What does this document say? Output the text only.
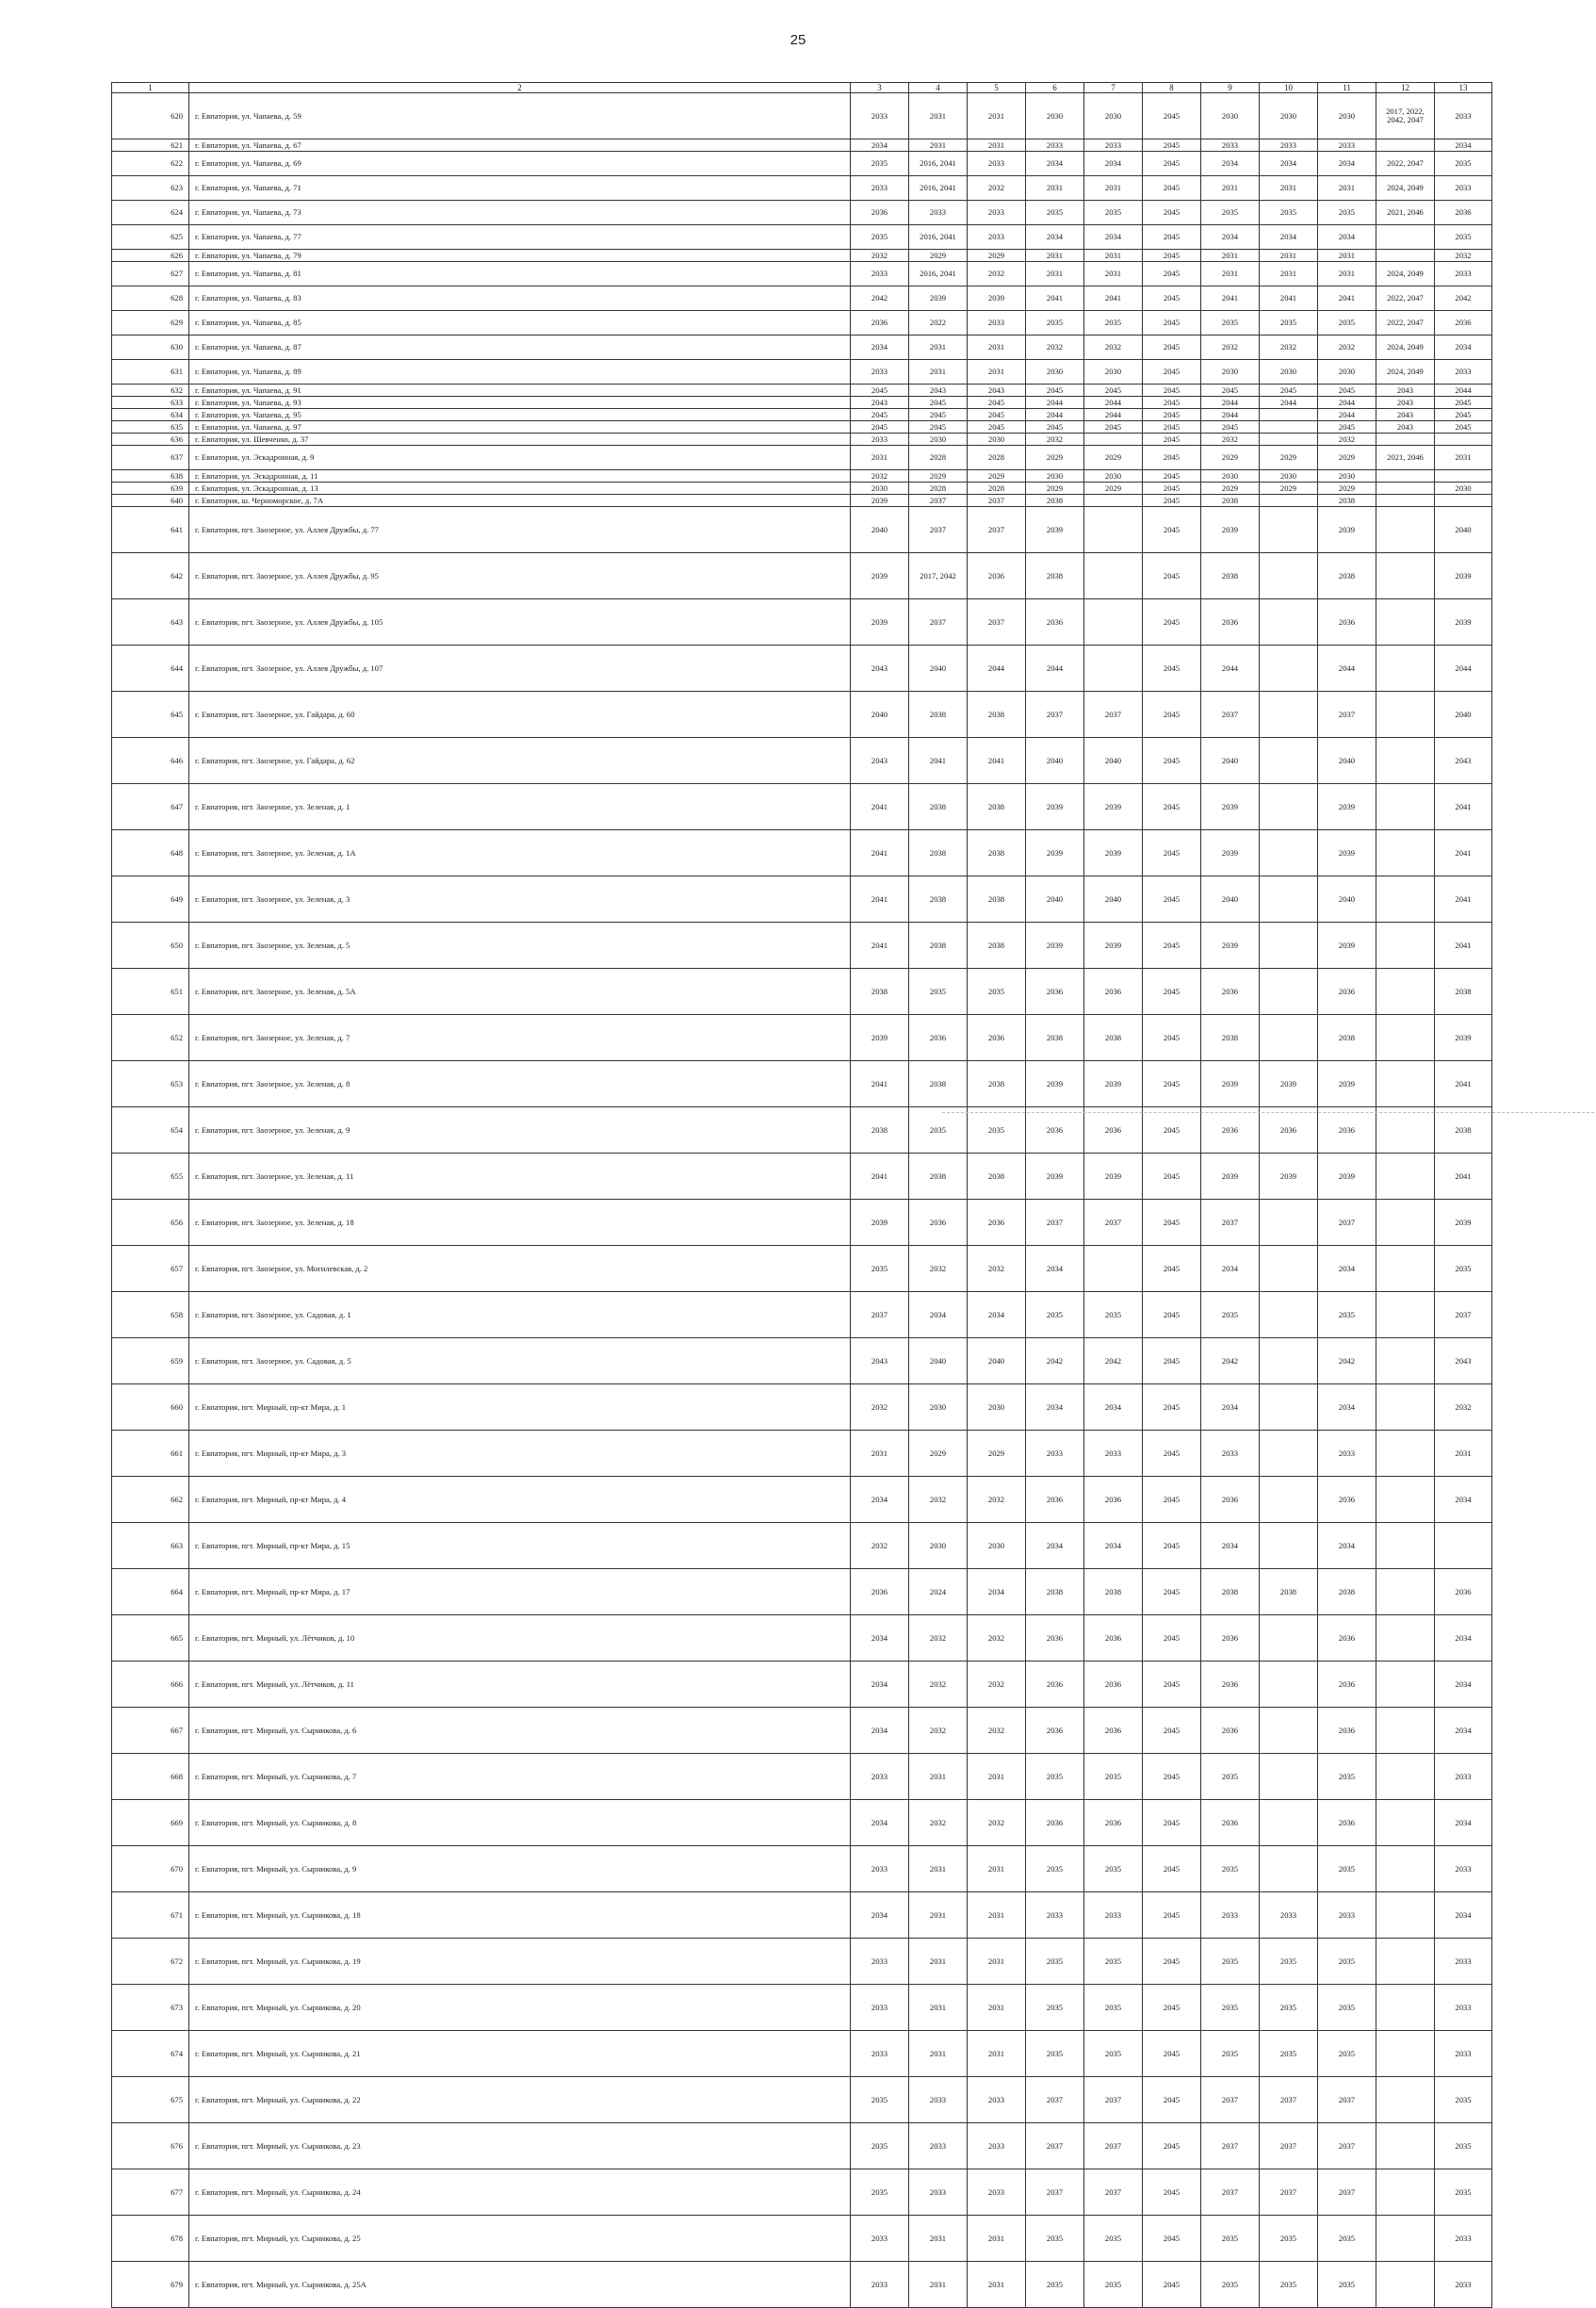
25
1	2	3	4	5	6	7	8	9	10	11	12	13
620	г. Евпатория, ул. Чапаева, д. 59	2033	2031	2031	2030	2030	2045	2030	2030	2030	2017, 2022, 2042, 2047	2033
621	г. Евпатория, ул. Чапаева, д. 67	2034	2031	2031	2033	2033	2045	2033	2033	2033		2034
622	г. Евпатория, ул. Чапаева, д. 69	2035	2016, 2041	2033	2034	2034	2045	2034	2034	2034	2022, 2047	2035
623	г. Евпатория, ул. Чапаева, д. 71	2033	2016, 2041	2032	2031	2031	2045	2031	2031	2031	2024, 2049	2033
624	г. Евпатория, ул. Чапаева, д. 73	2036	2033	2033	2035	2035	2045	2035	2035	2035	2021, 2046	2036
625	г. Евпатория, ул. Чапаева, д. 77	2035	2016, 2041	2033	2034	2034	2045	2034	2034	2034		2035
626	г. Евпатория, ул. Чапаева, д. 79	2032	2029	2029	2031	2031	2045	2031	2031	2031		2032
627	г. Евпатория, ул. Чапаева, д. 81	2033	2016, 2041	2032	2031	2031	2045	2031	2031	2031	2024, 2049	2033
628	г. Евпатория, ул. Чапаева, д. 83	2042	2039	2039	2041	2041	2045	2041	2041	2041	2022, 2047	2042
629	г. Евпатория, ул. Чапаева, д. 85	2036	2022	2033	2035	2035	2045	2035	2035	2035	2022, 2047	2036
630	г. Евпатория, ул. Чапаева, д. 87	2034	2031	2031	2032	2032	2045	2032	2032	2032	2024, 2049	2034
631	г. Евпатория, ул. Чапаева, д. 89	2033	2031	2031	2030	2030	2045	2030	2030	2030	2024, 2049	2033
632	г. Евпатория, ул. Чапаева, д. 91	2045	2043	2043	2045	2045	2045	2045	2045	2045	2043	2044
633	г. Евпатория, ул. Чапаева, д. 93	2043	2045	2045	2044	2044	2045	2044	2044	2044	2043	2045
634	г. Евпатория, ул. Чапаева, д. 95	2045	2045	2045	2044	2044	2045	2044		2044	2043	2045
635	г. Евпатория, ул. Чапаева, д. 97	2045	2045	2045	2045	2045	2045	2045		2045	2043	2045
636	г. Евпатория, ул. Шевченко, д. 37	2033	2030	2030	2032		2045	2032		2032		
637	г. Евпатория, ул. Эскадронная, д. 9	2031	2028	2028	2029	2029	2045	2029	2029	2029	2021, 2046	2031
638	г. Евпатория, ул. Эскадронная, д. 11	2032	2029	2029	2030	2030	2045	2030	2030	2030		
639	г. Евпатория, ул. Эскадронная, д. 13	2030	2028	2028	2029	2029	2045	2029	2029	2029		2030
640	г. Евпатория, ш. Черноморское, д. 7А	2039	2037	2037	2038		2045	2038		2038		
641	г. Евпатория, пгт. Заозерное, ул. Аллея Дружбы, д. 77	2040	2037	2037	2039		2045	2039		2039		2040
642	г. Евпатория, пгт. Заозерное, ул. Аллея Дружбы, д. 95	2039	2017, 2042	2036	2038		2045	2038		2038		2039
643	г. Евпатория, пгт. Заозерное, ул. Аллея Дружбы, д. 105	2039	2037	2037	2036		2045	2036		2036		2039
644	г. Евпатория, пгт. Заозерное, ул. Аллея Дружбы, д. 107	2043	2040	2044	2044		2045	2044		2044		2044
645	г. Евпатория, пгт. Заозерное, ул. Гайдара, д. 60	2040	2038	2038	2037	2037	2045	2037		2037		2040
646	г. Евпатория, пгт. Заозерное, ул. Гайдара, д. 62	2043	2041	2041	2040	2040	2045	2040		2040		2043
647	г. Евпатория, пгт. Заозерное, ул. Зеленая, д. 1	2041	2038	2038	2039	2039	2045	2039		2039		2041
648	г. Евпатория, пгт. Заозерное, ул. Зеленая, д. 1А	2041	2038	2038	2039	2039	2045	2039		2039		2041
649	г. Евпатория, пгт. Заозерное, ул. Зеленая, д. 3	2041	2038	2038	2040	2040	2045	2040		2040		2041
650	г. Евпатория, пгт. Заозерное, ул. Зеленая, д. 5	2041	2038	2038	2039	2039	2045	2039		2039		2041
651	г. Евпатория, пгт. Заозерное, ул. Зеленая, д. 5А	2038	2035	2035	2036	2036	2045	2036		2036		2038
652	г. Евпатория, пгт. Заозерное, ул. Зеленая, д. 7	2039	2036	2036	2038	2038	2045	2038		2038		2039
653	г. Евпатория, пгт. Заозерное, ул. Зеленая, д. 8	2041	2038	2038	2039	2039	2045	2039	2039	2039		2041
654	г. Евпатория, пгт. Заозерное, ул. Зеленая, д. 9	2038	2035	2035	2036	2036	2045	2036	2036	2036		2038
655	г. Евпатория, пгт. Заозерное, ул. Зеленая, д. 11	2041	2038	2038	2039	2039	2045	2039	2039	2039		2041
656	г. Евпатория, пгт. Заозерное, ул. Зеленая, д. 18	2039	2036	2036	2037	2037	2045	2037		2037		2039
657	г. Евпатория, пгт. Заозерное, ул. Могилевская, д. 2	2035	2032	2032	2034		2045	2034		2034		2035
658	г. Евпатория, пгт. Заозерное, ул. Садовая, д. 1	2037	2034	2034	2035	2035	2045	2035		2035		2037
659	г. Евпатория, пгт. Заозерное, ул. Садовая, д. 5	2043	2040	2040	2042	2042	2045	2042		2042		2043
660	г. Евпатория, пгт. Мирный, пр-кт Мира, д. 1	2032	2030	2030	2034	2034	2045	2034		2034		2032
661	г. Евпатория, пгт. Мирный, пр-кт Мира, д. 3	2031	2029	2029	2033	2033	2045	2033		2033		2031
662	г. Евпатория, пгт. Мирный, пр-кт Мира, д. 4	2034	2032	2032	2036	2036	2045	2036		2036		2034
663	г. Евпатория, пгт. Мирный, пр-кт Мира, д. 15	2032	2030	2030	2034	2034	2045	2034		2034		
664	г. Евпатория, пгт. Мирный, пр-кт Мира, д. 17	2036	2024	2034	2038	2038	2045	2038	2038	2038		2036
665	г. Евпатория, пгт. Мирный, ул. Лётчиков, д. 10	2034	2032	2032	2036	2036	2045	2036		2036		2034
666	г. Евпатория, пгт. Мирный, ул. Лётчиков, д. 11	2034	2032	2032	2036	2036	2045	2036		2036		2034
667	г. Евпатория, пгт. Мирный, ул. Сырникова, д. 6	2034	2032	2032	2036	2036	2045	2036		2036		2034
668	г. Евпатория, пгт. Мирный, ул. Сырникова, д. 7	2033	2031	2031	2035	2035	2045	2035		2035		2033
669	г. Евпатория, пгт. Мирный, ул. Сырникова, д. 8	2034	2032	2032	2036	2036	2045	2036		2036		2034
670	г. Евпатория, пгт. Мирный, ул. Сырникова, д. 9	2033	2031	2031	2035	2035	2045	2035		2035		2033
671	г. Евпатория, пгт. Мирный, ул. Сырникова, д. 18	2034	2031	2031	2033	2033	2045	2033	2033	2033		2034
672	г. Евпатория, пгт. Мирный, ул. Сырникова, д. 19	2033	2031	2031	2035	2035	2045	2035	2035	2035		2033
673	г. Евпатория, пгт. Мирный, ул. Сырникова, д. 20	2033	2031	2031	2035	2035	2045	2035	2035	2035		2033
674	г. Евпатория, пгт. Мирный, ул. Сырникова, д. 21	2033	2031	2031	2035	2035	2045	2035	2035	2035		2033
675	г. Евпатория, пгт. Мирный, ул. Сырникова, д. 22	2035	2033	2033	2037	2037	2045	2037	2037	2037		2035
676	г. Евпатория, пгт. Мирный, ул. Сырникова, д. 23	2035	2033	2033	2037	2037	2045	2037	2037	2037		2035
677	г. Евпатория, пгт. Мирный, ул. Сырникова, д. 24	2035	2033	2033	2037	2037	2045	2037	2037	2037		2035
678	г. Евпатория, пгт. Мирный, ул. Сырникова, д. 25	2033	2031	2031	2035	2035	2045	2035	2035	2035		2033
679	г. Евпатория, пгт. Мирный, ул. Сырникова, д. 25А	2033	2031	2031	2035	2035	2045	2035	2035	2035		2033
